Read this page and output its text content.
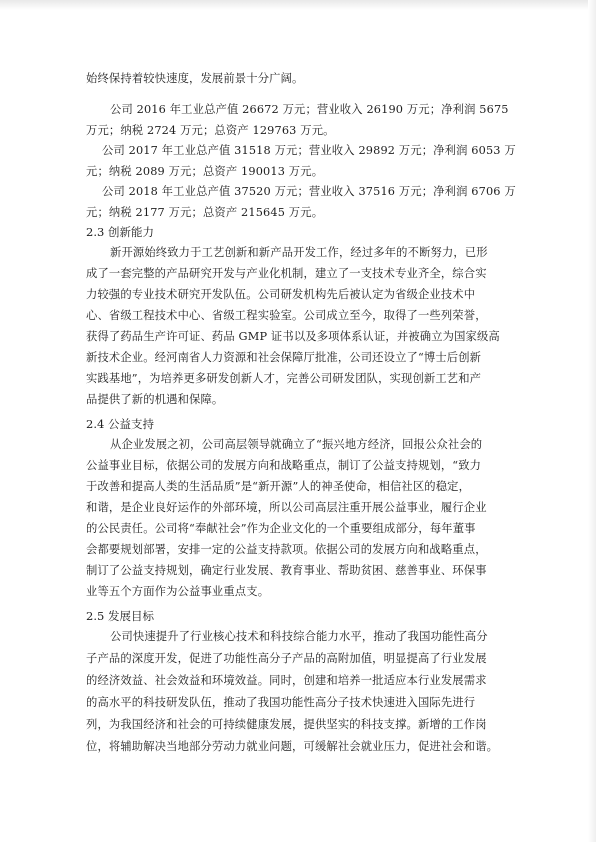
始终保持着较快速度，发展前景十分广阔。

公司 2016 年工业总产值 26672 万元；营业收入 26190 万元；净利润 5675

万元；纳税 2724 万元；总资产 129763 万元。

公司 2017 年工业总产值 31518 万元；营业收入 29892 万元；净利润 6053 万

元；纳税 2089 万元；总资产 190013 万元。

公司 2018 年工业总产值 37520 万元；营业收入 37516 万元；净利润 6706 万

元；纳税 2177 万元；总资产 215645 万元。

2.3 创新能力

新开源始终致力于工艺创新和新产品开发工作，经过多年的不断努力，已形

成了一套完整的产品研究开发与产业化机制，建立了一支技术专业齐全，综合实

力较强的专业技术研究开发队伍。公司研发机构先后被认定为省级企业技术中

心、省级工程技术中心、省级工程实验室。公司成立至今，取得了一些列荣誉，

获得了药品生产许可证、药品 GMP 证书以及多项体系认证，并被确立为国家级高

新技术企业。经河南省人力资源和社会保障厅批准，公司还设立了“博士后创新

实践基地”，为培养更多研发创新人才，完善公司研发团队，实现创新工艺和产

品提供了新的机遇和保障。

2.4 公益支持

从企业发展之初，公司高层领导就确立了“振兴地方经济，回报公众社会的

公益事业目标，依据公司的发展方向和战略重点，制订了公益支持规划，“致力

于改善和提高人类的生活品质”是“新开源”人的神圣使命，相信社区的稳定，

和谐，是企业良好运作的外部环境，所以公司高层注重开展公益事业，履行企业

的公民责任。公司将“奉献社会”作为企业文化的一个重要组成部分，每年董事

会都要规划部署，安排一定的公益支持款项。依据公司的发展方向和战略重点，

制订了公益支持规划，确定行业发展、教育事业、帮助贫困、慈善事业、环保事

业等五个方面作为公益事业重点支。

2.5 发展目标

公司快速提升了行业核心技术和科技综合能力水平，推动了我国功能性高分

子产品的深度开发，促进了功能性高分子产品的高附加值，明显提高了行业发展

的经济效益、社会效益和环境效益。同时，创建和培养一批适应本行业发展需求

的高水平的科技研发队伍，推动了我国功能性高分子技术快速进入国际先进行

列，为我国经济和社会的可持续健康发展，提供坚实的科技支撑。新增的工作岗

位，将辅助解决当地部分劳动力就业问题，可缓解社会就业压力，促进社会和谐。
